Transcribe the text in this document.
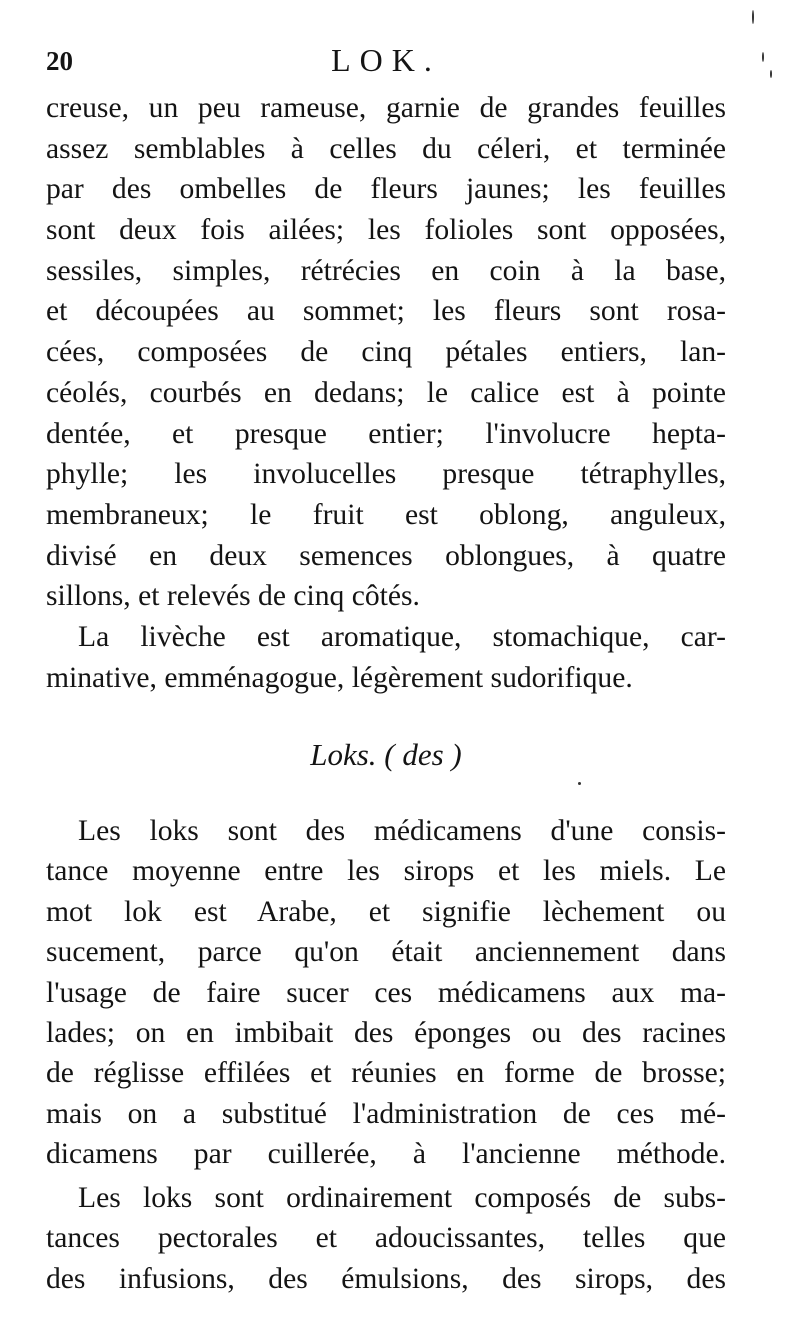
20	LOK.
creuse, un peu rameuse, garnie de grandes feuilles
assez semblables à celles du céleri, et terminée
par des ombelles de fleurs jaunes; les feuilles
sont deux fois ailées; les folioles sont opposées,
sessiles, simples, rétrécies en coin à la base,
et découpées au sommet; les fleurs sont rosa-
cées, composées de cinq pétales entiers, lan-
céolés, courbés en dedans; le calice est à pointe
dentée, et presque entier; l'involucre hepta-
phylle; les involucelles presque tétraphylles,
membraneux; le fruit est oblong, anguleux,
divisé en deux semences oblongues, à quatre
sillons, et relevés de cinq côtés.
La livèche est aromatique, stomachique, car-
minative, emménagogue, légèrement sudorifique.
Loks. ( des )
Les loks sont des médicamens d'une consis-
tance moyenne entre les sirops et les miels. Le
mot lok est Arabe, et signifie lèchement ou
sucement, parce qu'on était anciennement dans
l'usage de faire sucer ces médicamens aux ma-
lades; on en imbibait des éponges ou des racines
de réglisse effilées et réunies en forme de brosse;
mais on a substitué l'administration de ces mé-
dicamens par cuillerée, à l'ancienne méthode.
Les loks sont ordinairement composés de subs-
tances pectorales et adoucissantes, telles que
des infusions, des émulsions, des sirops, des
